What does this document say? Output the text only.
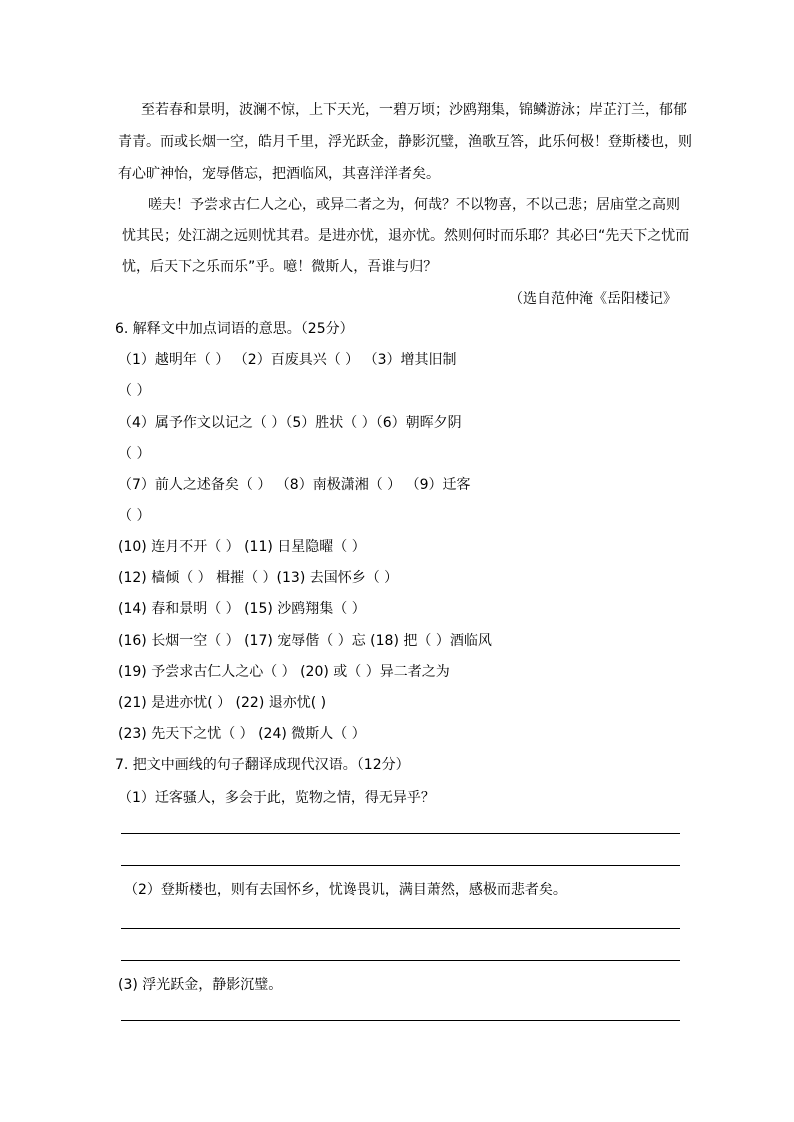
至若春和景明，波澜不惊，上下天光，一碧万顷；沙鸥翔集，锦鳞游泳；岸芷汀兰，郁郁
青青。而或长烟一空，皓月千里，浮光跃金，静影沉璧，渔歌互答，此乐何极！登斯楼也，则
有心旷神怡，宠辱偕忘，把酒临风，其喜洋洋者矣。
嗟夫！予尝求古仁人之心，或异二者之为，何哉？不以物喜，不以己悲；居庙堂之高则
忧其民；处江湖之远则忧其君。是进亦忧，退亦忧。然则何时而乐耶？其必曰“先天下之忧而
忧，后天下之乐而乐”乎。噫！微斯人，吾谁与归？
（选自范仲淹《岳阳楼记》
6. 解释文中加点词语的意思。（25分）
（1）越明年（ ） （2）百废具兴（ ） （3）增其旧制
（ ）
（4）属予作文以记之（ ）（5）胜状（ ）（6）朝晖夕阴
（ ）
（7）前人之述备矣（ ） （8）南极潇湘（ ） （9）迁客
（ ）
(10) 连月不开（ ） (11) 日星隐曜（ ）
(12) 樯倾（ ） 楫摧（ ）(13) 去国怀乡（ ）
(14) 春和景明（ ） (15) 沙鸥翔集（ ）
(16) 长烟一空（ ） (17) 宠辱偕（ ）忘 (18) 把（ ）酒临风
(19) 予尝求古仁人之心（ ） (20) 或（ ）异二者之为
(21) 是进亦忧( ） (22) 退亦忧( )
(23) 先天下之忧（ ） (24) 微斯人（ ）
7. 把文中画线的句子翻译成现代汉语。（12分）
（1）迁客骚人，多会于此，览物之情，得无异乎？
（2）登斯楼也，则有去国怀乡，忧谗畏讥，满目萧然，感极而悲者矣。
(3) 浮光跃金，静影沉璧。
